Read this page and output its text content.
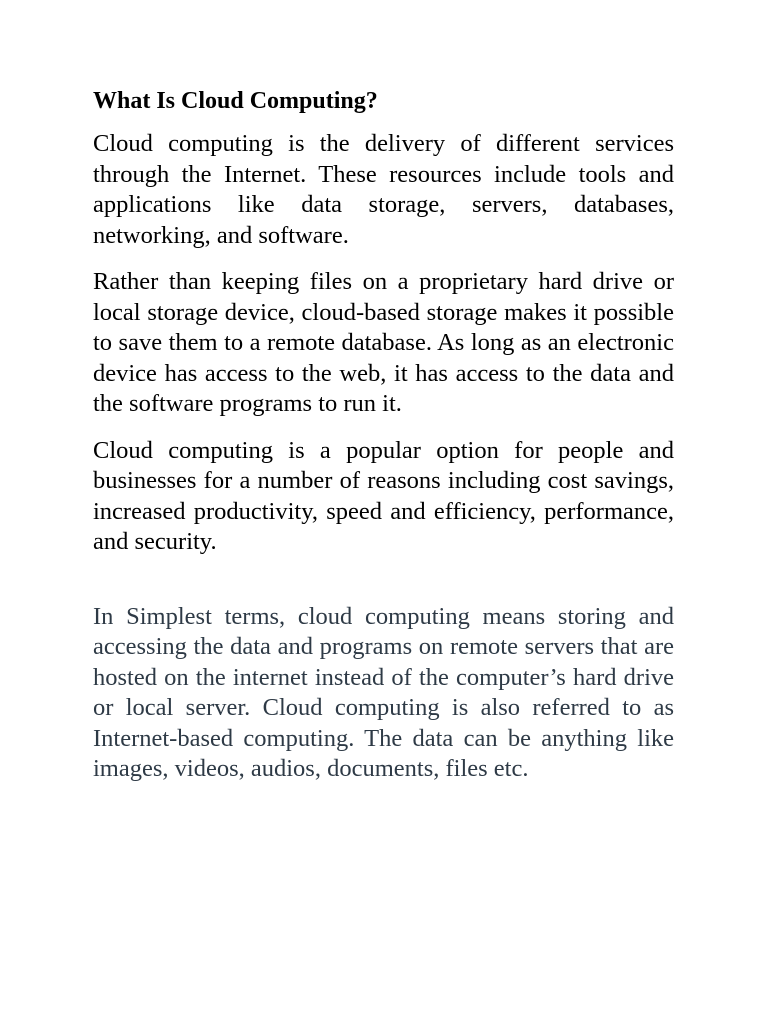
What Is Cloud Computing?

Cloud computing is the delivery of different services through the Internet. These resources include tools and applications like data storage, servers, databases, networking, and software.

Rather than keeping files on a proprietary hard drive or local storage device, cloud-based storage makes it possible to save them to a remote database. As long as an electronic device has access to the web, it has access to the data and the software programs to run it.

Cloud computing is a popular option for people and businesses for a number of reasons including cost savings, increased productivity, speed and efficiency, performance, and security.

In Simplest terms, cloud computing means storing and accessing the data and programs on remote servers that are hosted on the internet instead of the computer’s hard drive or local server. Cloud computing is also referred to as Internet-based computing. The data can be anything like images, videos, audios, documents, files etc.
